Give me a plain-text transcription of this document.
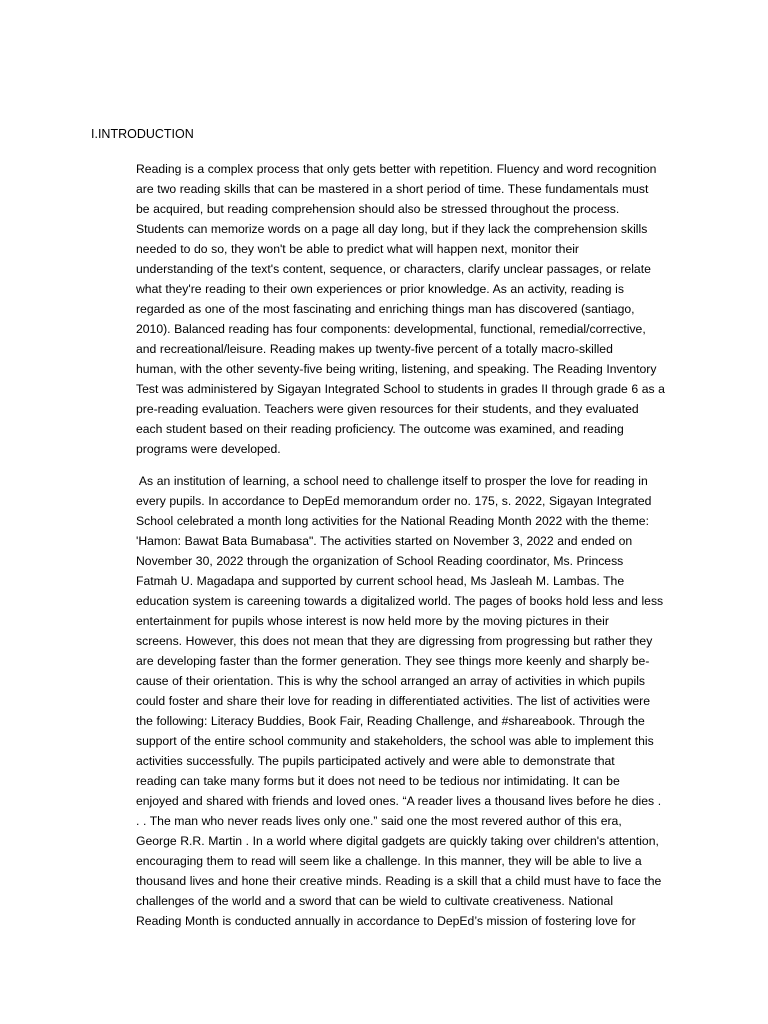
I.INTRODUCTION

Reading is a complex process that only gets better with repetition. Fluency and word recognition
are two reading skills that can be mastered in a short period of time. These fundamentals must
be acquired, but reading comprehension should also be stressed throughout the process.
Students can memorize words on a page all day long, but if they lack the comprehension skills
needed to do so, they won't be able to predict what will happen next, monitor their
understanding of the text's content, sequence, or characters, clarify unclear passages, or relate
what they're reading to their own experiences or prior knowledge. As an activity, reading is
regarded as one of the most fascinating and enriching things man has discovered (santiago,
2010). Balanced reading has four components: developmental, functional, remedial/corrective,
and recreational/leisure. Reading makes up twenty-five percent of a totally macro-skilled
human, with the other seventy-five being writing, listening, and speaking. The Reading Inventory
Test was administered by Sigayan Integrated School to students in grades II through grade 6 as a
pre-reading evaluation. Teachers were given resources for their students, and they evaluated
each student based on their reading proficiency. The outcome was examined, and reading
programs were developed.

As an institution of learning, a school need to challenge itself to prosper the love for reading in
every pupils. In accordance to DepEd memorandum order no. 175, s. 2022, Sigayan Integrated
School celebrated a month long activities for the National Reading Month 2022 with the theme:
'Hamon: Bawat Bata Bumabasa". The activities started on November 3, 2022 and ended on
November 30, 2022 through the organization of School Reading coordinator, Ms. Princess
Fatmah U. Magadapa and supported by current school head, Ms Jasleah M. Lambas. The
education system is careening towards a digitalized world. The pages of books hold less and less
entertainment for pupils whose interest is now held more by the moving pictures in their
screens. However, this does not mean that they are digressing from progressing but rather they
are developing faster than the former generation. They see things more keenly and sharply be-
cause of their orientation. This is why the school arranged an array of activities in which pupils
could foster and share their love for reading in differentiated activities. The list of activities were
the following: Literacy Buddies, Book Fair, Reading Challenge, and #shareabook. Through the
support of the entire school community and stakeholders, the school was able to implement this
activities successfully. The pupils participated actively and were able to demonstrate that
reading can take many forms but it does not need to be tedious nor intimidating. It can be
enjoyed and shared with friends and loved ones. “A reader lives a thousand lives before he dies .
. . The man who never reads lives only one.” said one the most revered author of this era,
George R.R. Martin . In a world where digital gadgets are quickly taking over children's attention,
encouraging them to read will seem like a challenge. In this manner, they will be able to live a
thousand lives and hone their creative minds. Reading is a skill that a child must have to face the
challenges of the world and a sword that can be wield to cultivate creativeness. National
Reading Month is conducted annually in accordance to DepEd’s mission of fostering love for
